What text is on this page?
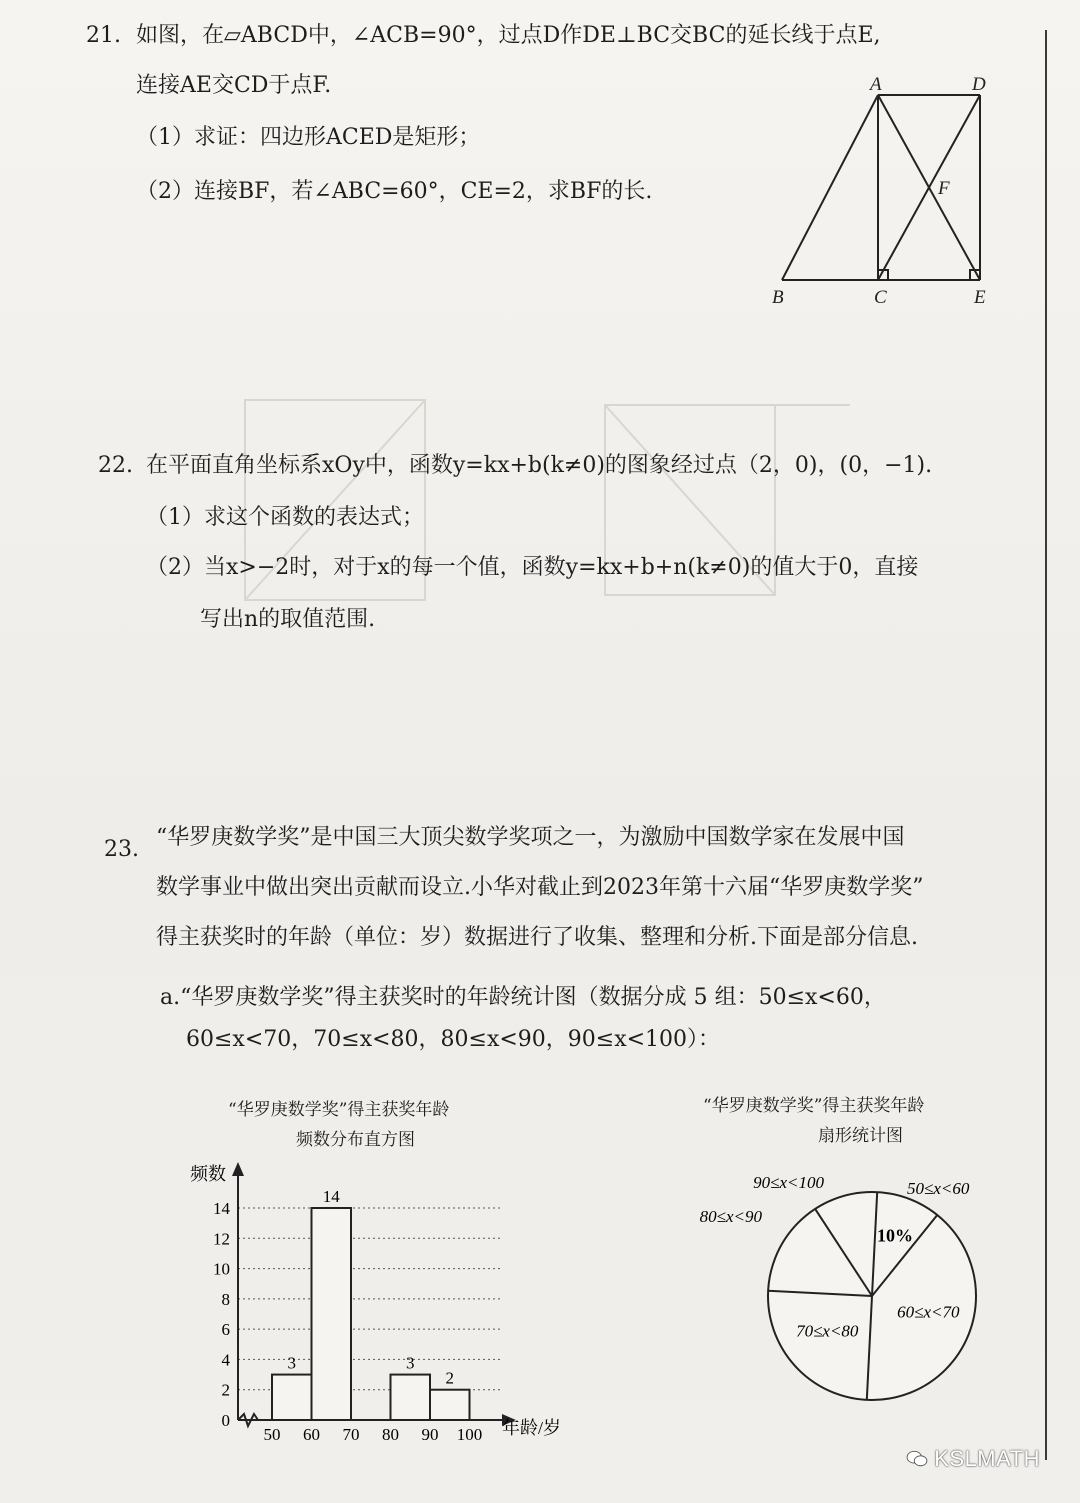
21. 如图，在▱ABCD中，∠ACB=90°，过点D作DE⊥BC交BC的延长线于点E,
连接AE交CD于点F.
（1）求证：四边形ACED是矩形；
（2）连接BF，若∠ABC=60°，CE=2，求BF的长.
A	D
F
B	C	E
22. 在平面直角坐标系xOy中，函数y=kx+b(k≠0)的图象经过点（2，0)，(0，−1).
（1）求这个函数的表达式；
（2）当x>−2时，对于x的每一个值，函数y=kx+b+n(k≠0)的值大于0，直接
写出n的取值范围.
23. “华罗庚数学奖”是中国三大顶尖数学奖项之一，为激励中国数学家在发展中国
数学事业中做出突出贡献而设立.小华对截止到2023年第十六届“华罗庚数学奖”
得主获奖时的年龄（单位：岁）数据进行了收集、整理和分析.下面是部分信息.
a.“华罗庚数学奖”得主获奖时的年龄统计图（数据分成 5 组：50≤x<60，
60≤x<70，70≤x<80，80≤x<90，90≤x<100）：
“华罗庚数学奖”得主获奖年龄
频数分布直方图
0
2
4
6
8
10
12
14
50 60 70 80 90 100
3
14
3
2
频数
年龄/岁
“华罗庚数学奖”得主获奖年龄
扇形统计图
50≤x<60
10%
60≤x<70
70≤x<80
80≤x<90
90≤x<100
KSLMATH
